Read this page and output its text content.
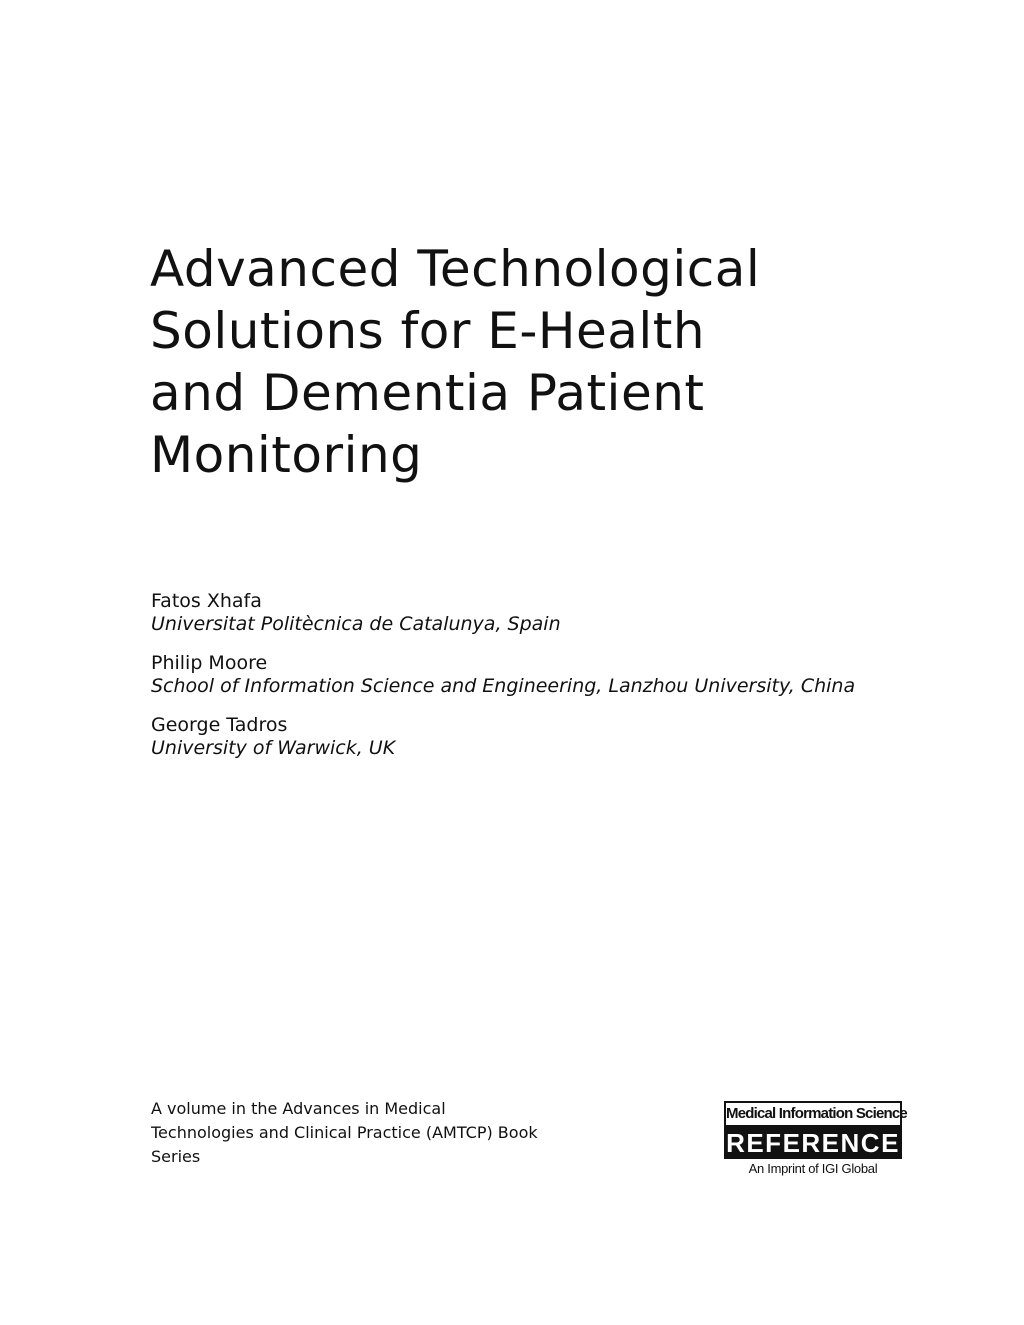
Advanced Technological
Solutions for E-Health
and Dementia Patient
Monitoring
Fatos Xhafa
Universitat Politècnica de Catalunya, Spain
Philip Moore
School of Information Science and Engineering, Lanzhou University, China
George Tadros
University of Warwick, UK
A volume in the Advances in Medical
Technologies and Clinical Practice (AMTCP) Book
Series
Medical Information Science
REFERENCE
An Imprint of IGI Global
